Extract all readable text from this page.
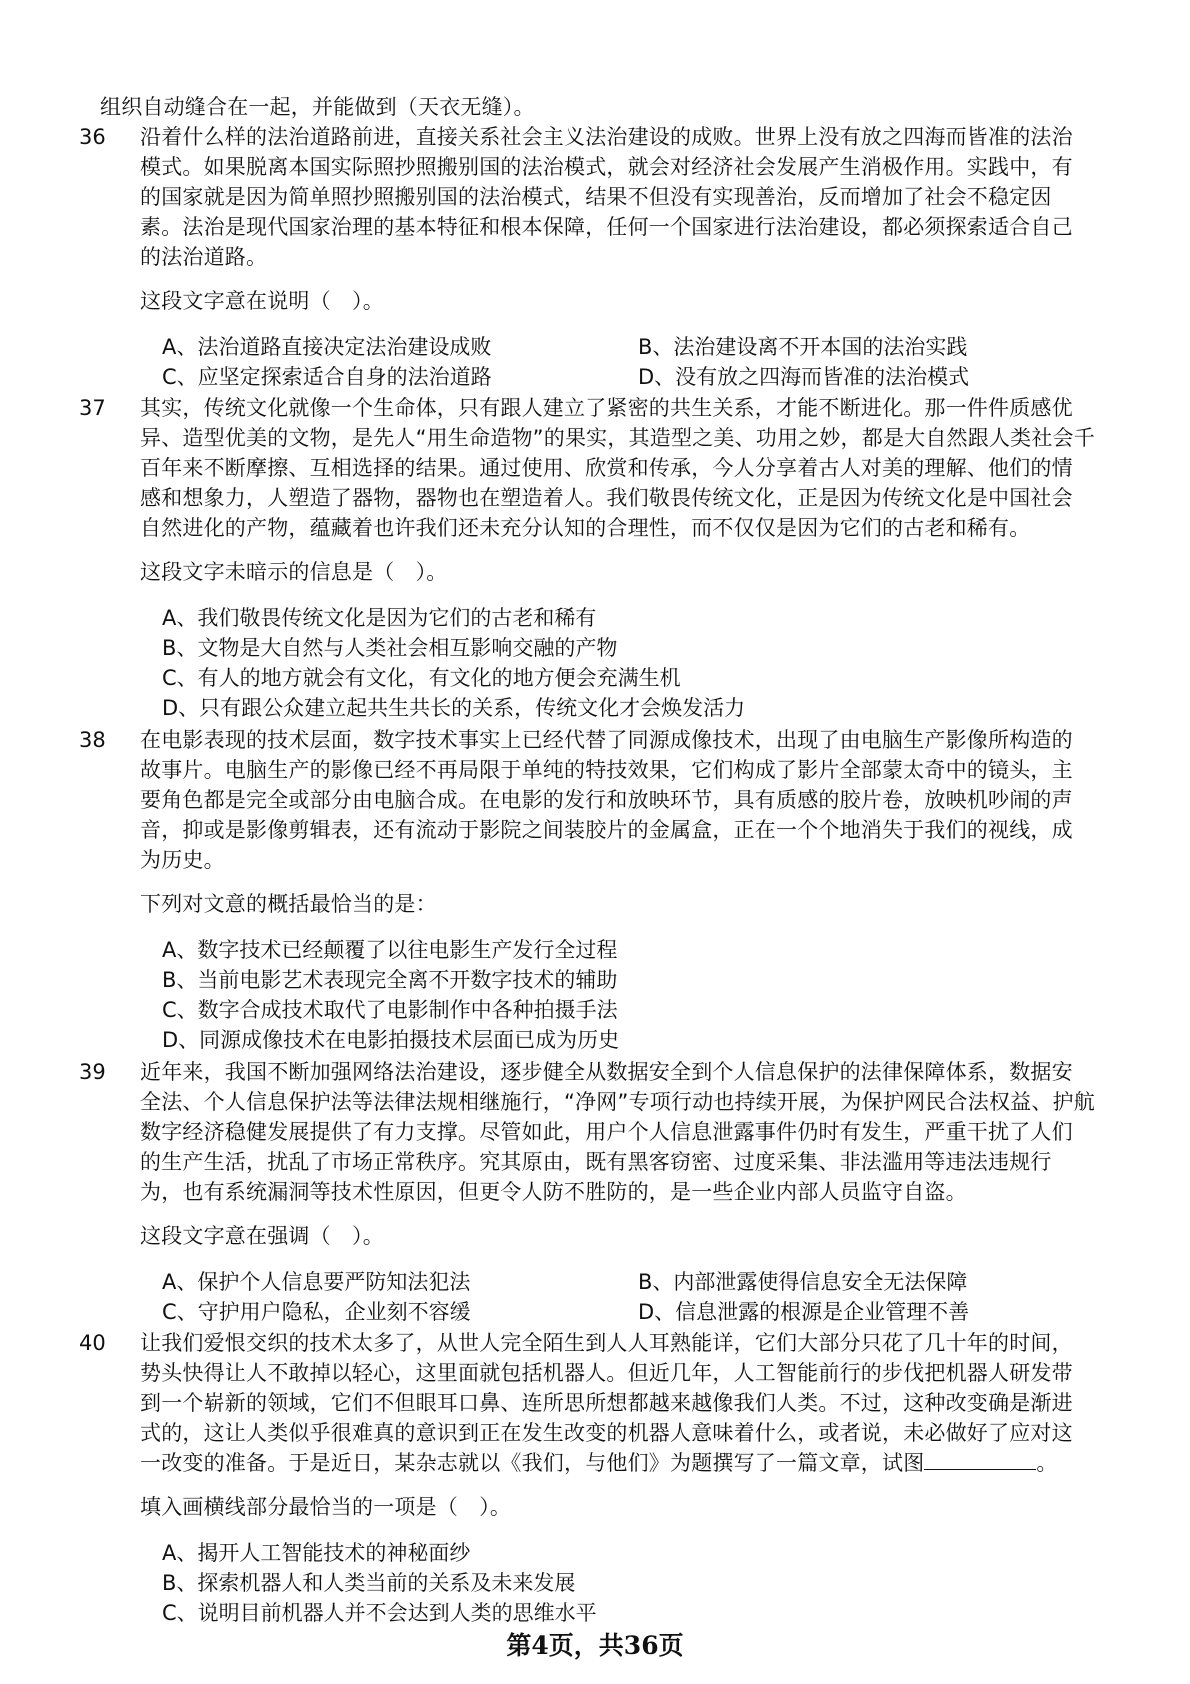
组织自动缝合在一起，并能做到（天衣无缝）。
36 沿着什么样的法治道路前进，直接关系社会主义法治建设的成败。世界上没有放之四海而皆准的法治
模式。如果脱离本国实际照抄照搬别国的法治模式，就会对经济社会发展产生消极作用。实践中，有
的国家就是因为简单照抄照搬别国的法治模式，结果不但没有实现善治，反而增加了社会不稳定因
素。法治是现代国家治理的基本特征和根本保障，任何一个国家进行法治建设，都必须探索适合自己
的法治道路。
这段文字意在说明（　）。
A、法治道路直接决定法治建设成败	B、法治建设离不开本国的法治实践
C、应坚定探索适合自身的法治道路	D、没有放之四海而皆准的法治模式
37 其实，传统文化就像一个生命体，只有跟人建立了紧密的共生关系，才能不断进化。那一件件质感优
异、造型优美的文物，是先人“用生命造物”的果实，其造型之美、功用之妙，都是大自然跟人类社会千
百年来不断摩擦、互相选择的结果。通过使用、欣赏和传承，今人分享着古人对美的理解、他们的情
感和想象力，人塑造了器物，器物也在塑造着人。我们敬畏传统文化，正是因为传统文化是中国社会
自然进化的产物，蕴藏着也许我们还未充分认知的合理性，而不仅仅是因为它们的古老和稀有。
这段文字未暗示的信息是（　）。
A、我们敬畏传统文化是因为它们的古老和稀有
B、文物是大自然与人类社会相互影响交融的产物
C、有人的地方就会有文化，有文化的地方便会充满生机
D、只有跟公众建立起共生共长的关系，传统文化才会焕发活力
38 在电影表现的技术层面，数字技术事实上已经代替了同源成像技术，出现了由电脑生产影像所构造的
故事片。电脑生产的影像已经不再局限于单纯的特技效果，它们构成了影片全部蒙太奇中的镜头，主
要角色都是完全或部分由电脑合成。在电影的发行和放映环节，具有质感的胶片卷，放映机吵闹的声
音，抑或是影像剪辑表，还有流动于影院之间装胶片的金属盒，正在一个个地消失于我们的视线，成
为历史。
下列对文意的概括最恰当的是：
A、数字技术已经颠覆了以往电影生产发行全过程
B、当前电影艺术表现完全离不开数字技术的辅助
C、数字合成技术取代了电影制作中各种拍摄手法
D、同源成像技术在电影拍摄技术层面已成为历史
39 近年来，我国不断加强网络法治建设，逐步健全从数据安全到个人信息保护的法律保障体系，数据安
全法、个人信息保护法等法律法规相继施行，“净网”专项行动也持续开展，为保护网民合法权益、护航
数字经济稳健发展提供了有力支撑。尽管如此，用户个人信息泄露事件仍时有发生，严重干扰了人们
的生产生活，扰乱了市场正常秩序。究其原由，既有黑客窃密、过度采集、非法滥用等违法违规行
为，也有系统漏洞等技术性原因，但更令人防不胜防的，是一些企业内部人员监守自盗。
这段文字意在强调（　）。
A、保护个人信息要严防知法犯法	B、内部泄露使得信息安全无法保障
C、守护用户隐私，企业刻不容缓	D、信息泄露的根源是企业管理不善
40 让我们爱恨交织的技术太多了，从世人完全陌生到人人耳熟能详，它们大部分只花了几十年的时间，
势头快得让人不敢掉以轻心，这里面就包括机器人。但近几年，人工智能前行的步伐把机器人研发带
到一个崭新的领域，它们不但眼耳口鼻、连所思所想都越来越像我们人类。不过，这种改变确是渐进
式的，这让人类似乎很难真的意识到正在发生改变的机器人意味着什么，或者说，未必做好了应对这
一改变的准备。于是近日，某杂志就以《我们，与他们》为题撰写了一篇文章，试图	。
填入画横线部分最恰当的一项是（　）。
A、揭开人工智能技术的神秘面纱
B、探索机器人和人类当前的关系及未来发展
C、说明目前机器人并不会达到人类的思维水平
第4页，共36页
